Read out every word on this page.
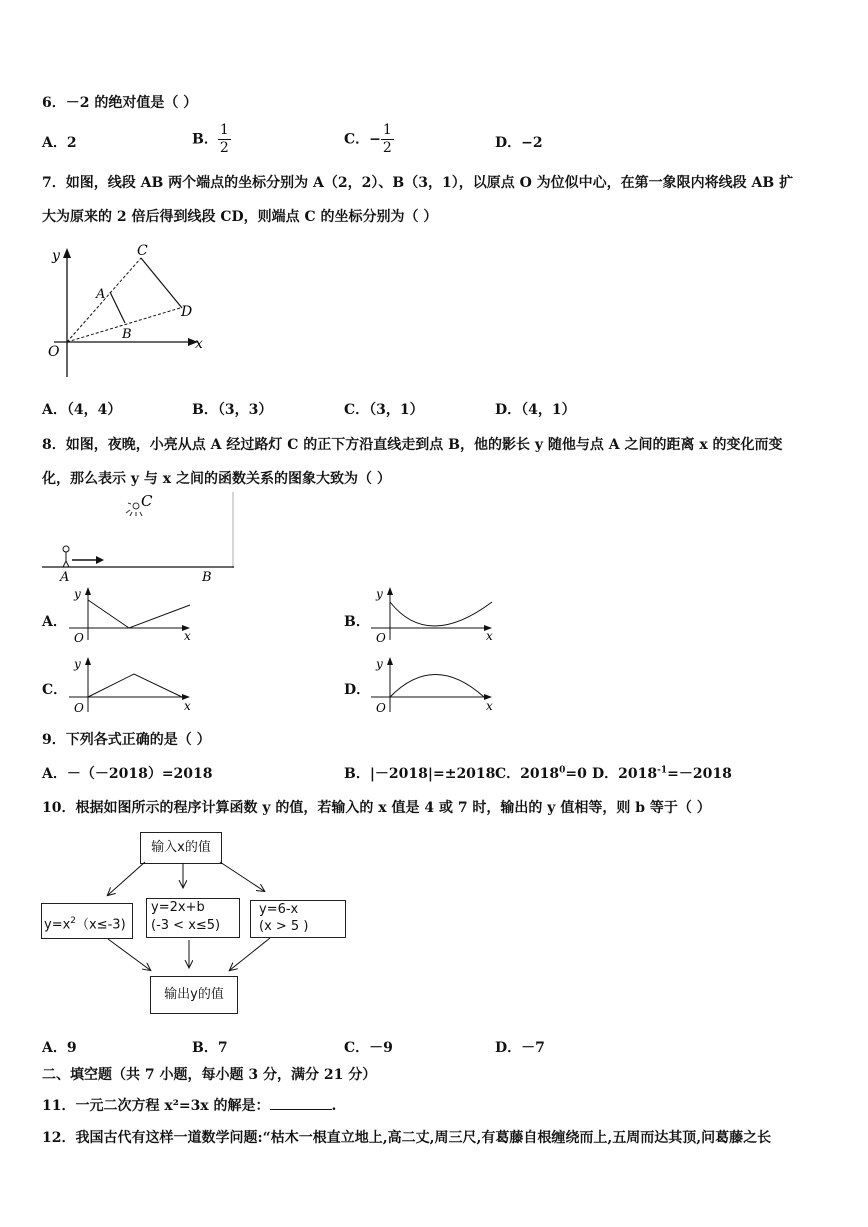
6．－2 的绝对值是（ ）
A．2	B． $\frac{1}{2}$	C．− $\frac{1}{2}$	D．−2
7．如图，线段 AB 两个端点的坐标分别为 A（2，2）、B（3，1），以原点 O 为位似中心，在第一象限内将线段 AB 扩
大为原来的 2 倍后得到线段 CD，则端点 C 的坐标分别为（ ）
y
x
O
A
B
C
D
A．（4，4）	B．（3，3）	C．（3，1）	D．（4，1）
8．如图，夜晚，小亮从点 A 经过路灯 C 的正下方沿直线走到点 B，他的影长 y 随他与点 A 之间的距离 x 的变化而变
化，那么表示 y 与 x 之间的函数关系的图象大致为（ ）
C
A	B
A．
y
x
O
B．
y
x
O
C．
y
x
O
D．
y
x
O
9．下列各式正确的是（ ）
A．－（－2018）=2018	B．|－2018|=±2018 C．$2018^0=0$ D．$2018^{-1}=-2018$
10．根据如图所示的程序计算函数 y 的值，若输入的 x 值是 4 或 7 时，输出的 y 值相等，则 b 等于（ ）
输入x的值
$y=x^2(x\le-3)$
y=2x+b
(-3 < x≤5)
y=6-x
(x > 5 )
输出y的值
A．9	B．7	C．－9	D．－7
二、填空题（共 7 小题，每小题 3 分，满分 21 分）
11．一元二次方程 x²=3x 的解是：	.
12．我国古代有这样一道数学问题:“枯木一根直立地上,高二丈,周三尺,有葛藤自根缠绕而上,五周而达其顶,问葛藤之长
